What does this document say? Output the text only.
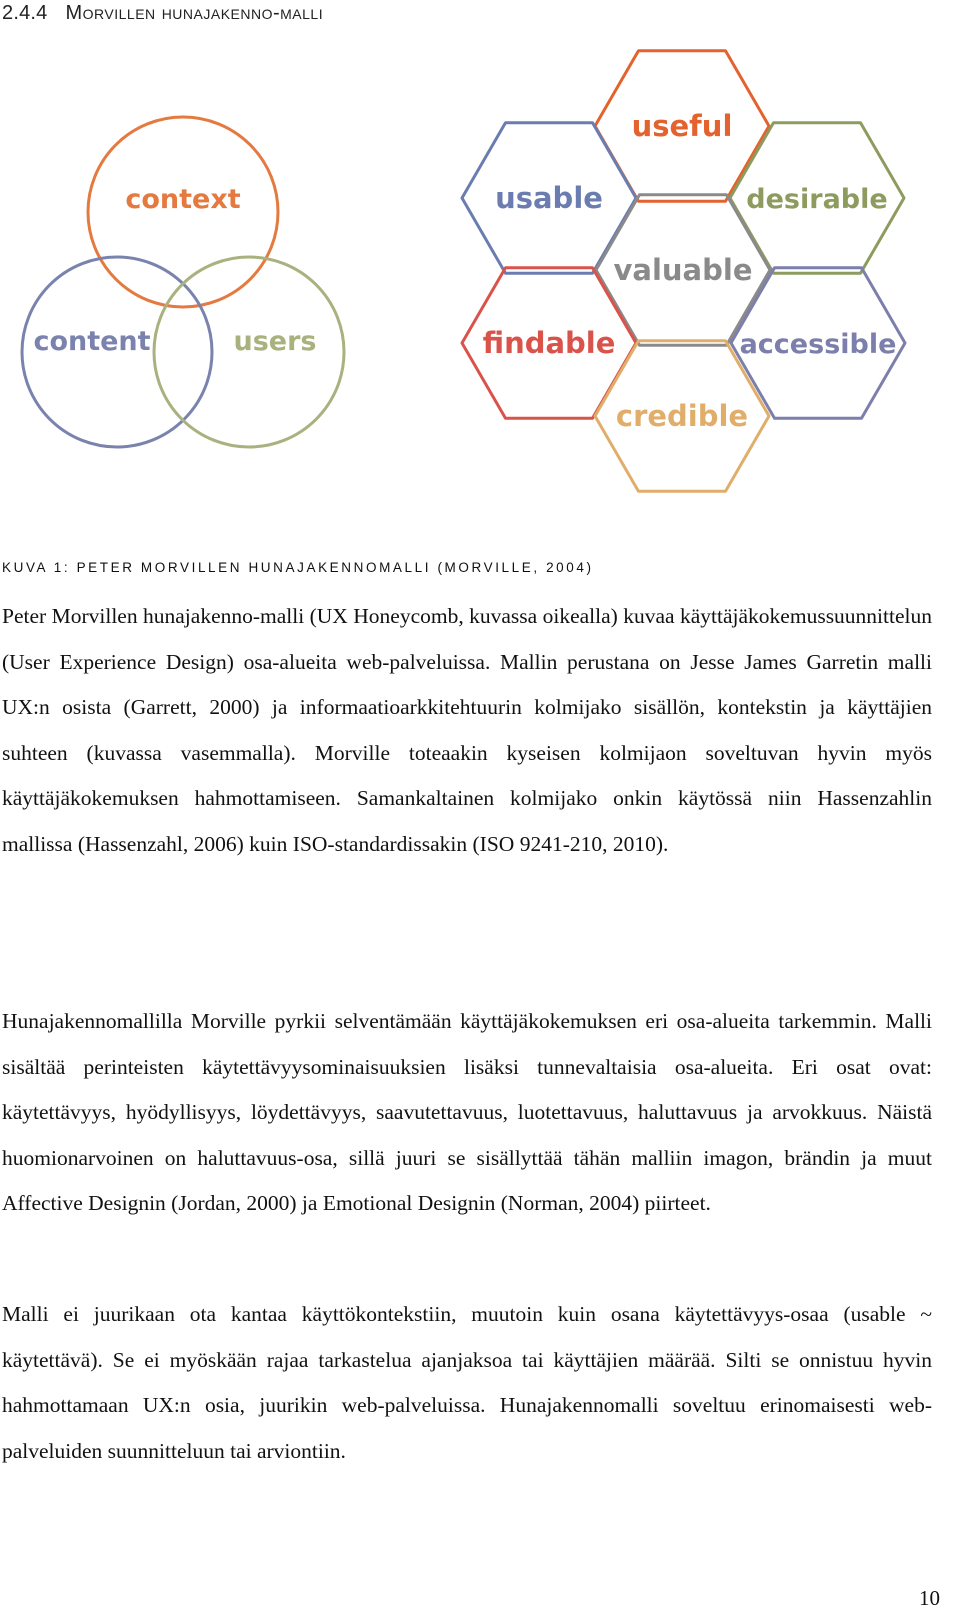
2.4.4 Morvillen hunajakenno-malli
context
content	users
useful
usable	desirable
valuable
findable	accessible
credible
KUVA 1: PETER MORVILLEN HUNAJAKENNOMALLI (MORVILLE, 2004)
Peter Morvillen hunajakenno-malli (UX Honeycomb, kuvassa oikealla) kuvaa käyttäjäkokemussuunnittelun (User Experience Design) osa-alueita web-palveluissa. Mallin perustana on Jesse James Garretin malli UX:n osista (Garrett, 2000) ja informaatioarkkitehtuurin kolmijako sisällön, kontekstin ja käyttäjien suhteen (kuvassa vasemmalla). Morville toteaakin kyseisen kolmijaon soveltuvan hyvin myös käyttäjäkokemuksen hahmottamiseen. Samankaltainen kolmijako onkin käytössä niin Hassenzahlin mallissa (Hassenzahl, 2006) kuin ISO-standardissakin (ISO 9241-210, 2010).
Hunajakennomallilla Morville pyrkii selventämään käyttäjäkokemuksen eri osa-alueita tarkemmin. Malli sisältää perinteisten käytettävyysominaisuuksien lisäksi tunnevaltaisia osa-alueita. Eri osat ovat: käytettävyys, hyödyllisyys, löydettävyys, saavutettavuus, luotettavuus, haluttavuus ja arvokkuus. Näistä huomionarvoinen on haluttavuus-osa, sillä juuri se sisällyttää tähän malliin imagon, brändin ja muut Affective Designin (Jordan, 2000) ja Emotional Designin (Norman, 2004) piirteet.
Malli ei juurikaan ota kantaa käyttökontekstiin, muutoin kuin osana käytettävyys-osaa (usable ~ käytettävä). Se ei myöskään rajaa tarkastelua ajanjaksoa tai käyttäjien määrää. Silti se onnistuu hyvin hahmottamaan UX:n osia, juurikin web-palveluissa. Hunajakennomalli soveltuu erinomaisesti web-palveluiden suunnitteluun tai arviontiin.
10
